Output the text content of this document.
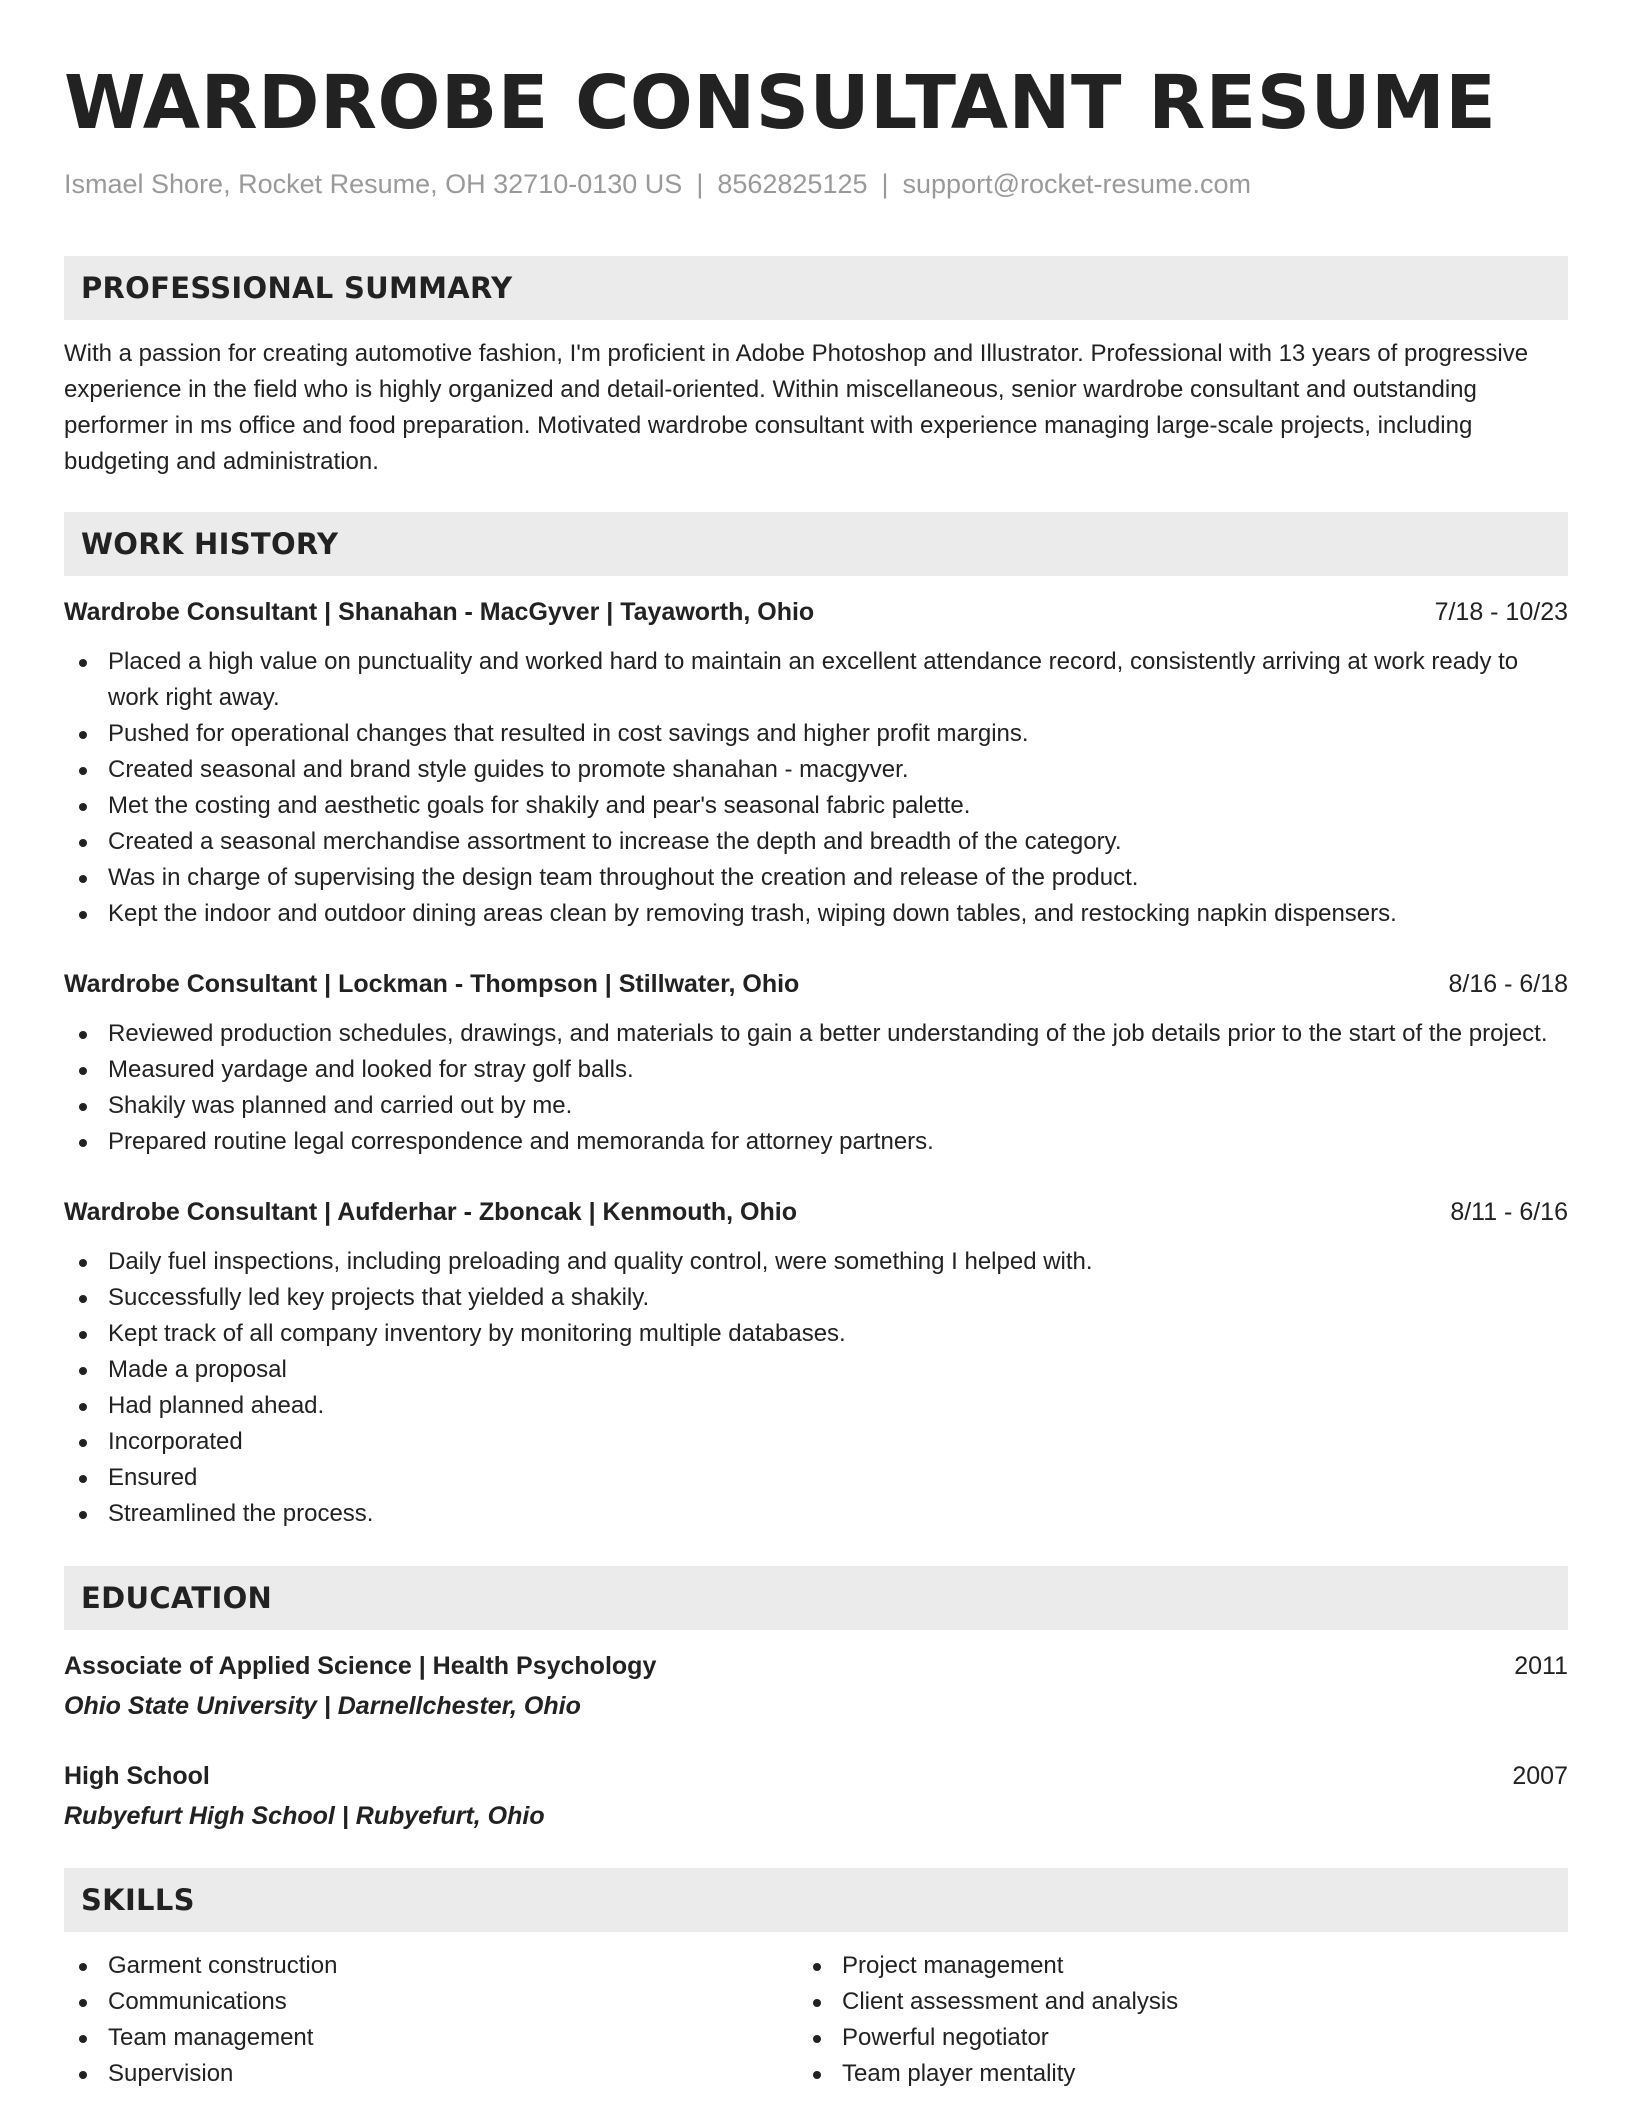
WARDROBE CONSULTANT RESUME
Ismael Shore, Rocket Resume, OH 32710-0130 US | 8562825125 | support@rocket-resume.com
PROFESSIONAL SUMMARY

With a passion for creating automotive fashion, I'm proficient in Adobe Photoshop and Illustrator. Professional with 13 years of progressive experience in the field who is highly organized and detail-oriented. Within miscellaneous, senior wardrobe consultant and outstanding performer in ms office and food preparation. Motivated wardrobe consultant with experience managing large-scale projects, including budgeting and administration.

WORK HISTORY
Wardrobe Consultant | Shanahan - MacGyver | Tayaworth, Ohio	7/18 - 10/23
Placed a high value on punctuality and worked hard to maintain an excellent attendance record, consistently arriving at work ready to work right away.
Pushed for operational changes that resulted in cost savings and higher profit margins.
Created seasonal and brand style guides to promote shanahan - macgyver.
Met the costing and aesthetic goals for shakily and pear's seasonal fabric palette.
Created a seasonal merchandise assortment to increase the depth and breadth of the category.
Was in charge of supervising the design team throughout the creation and release of the product.
Kept the indoor and outdoor dining areas clean by removing trash, wiping down tables, and restocking napkin dispensers.
Wardrobe Consultant | Lockman - Thompson | Stillwater, Ohio	8/16 - 6/18
Reviewed production schedules, drawings, and materials to gain a better understanding of the job details prior to the start of the project.
Measured yardage and looked for stray golf balls.
Shakily was planned and carried out by me.
Prepared routine legal correspondence and memoranda for attorney partners.
Wardrobe Consultant | Aufderhar - Zboncak | Kenmouth, Ohio	8/11 - 6/16
Daily fuel inspections, including preloading and quality control, were something I helped with.
Successfully led key projects that yielded a shakily.
Kept track of all company inventory by monitoring multiple databases.
Made a proposal
Had planned ahead.
Incorporated
Ensured
Streamlined the process.
EDUCATION
Associate of Applied Science | Health Psychology	2011
Ohio State University | Darnellchester, Ohio
High School	2007
Rubyefurt High School | Rubyefurt, Ohio
SKILLS
Garment construction
Communications
Team management
Supervision
Project management
Client assessment and analysis
Powerful negotiator
Team player mentality
